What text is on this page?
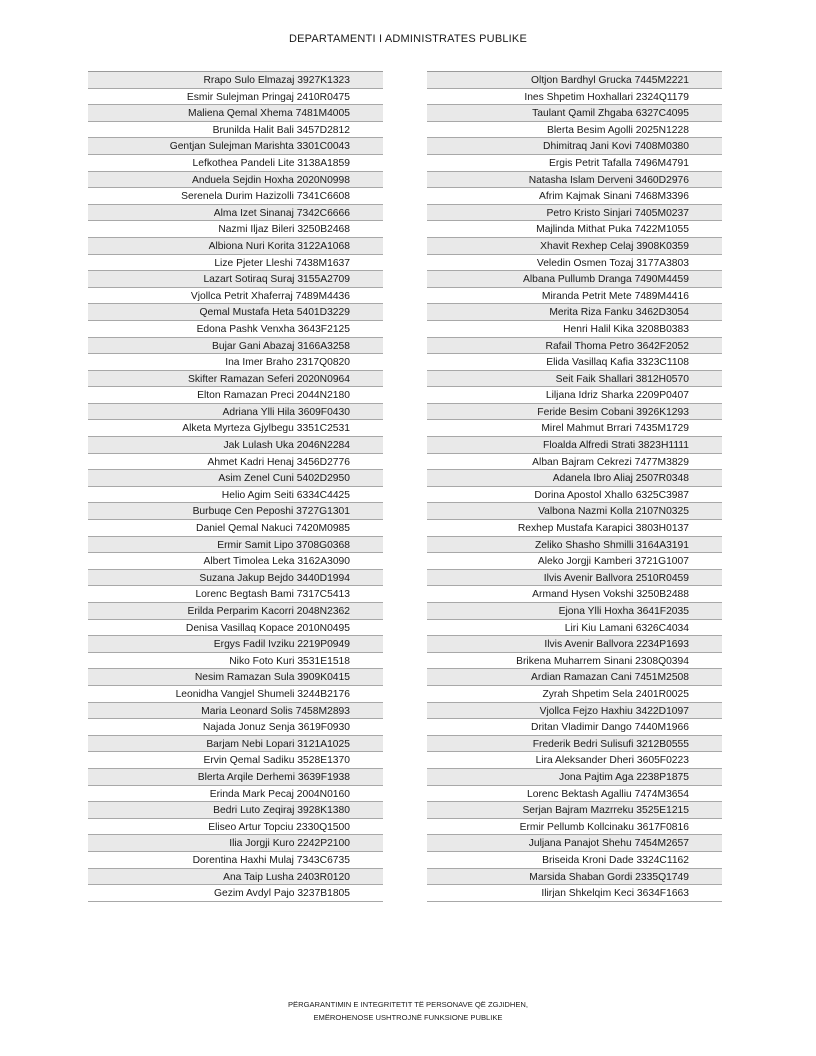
DEPARTAMENTI I ADMINISTRATES PUBLIKE
Rrapo Sulo Elmazaj 3927K1323
Esmir Sulejman Pringaj 2410R0475
Maliena Qemal Xhema 7481M4005
Brunilda Halit Bali 3457D2812
Gentjan Sulejman Marishta 3301C0043
Lefkothea Pandeli Lite 3138A1859
Anduela Sejdin Hoxha 2020N0998
Serenela Durim Hazizolli 7341C6608
Alma Izet Sinanaj 7342C6666
Nazmi Iljaz Bileri 3250B2468
Albiona Nuri Korita 3122A1068
Lize Pjeter Lleshi 7438M1637
Lazart Sotiraq Suraj 3155A2709
Vjollca Petrit Xhaferraj 7489M4436
Qemal Mustafa Heta 5401D3229
Edona Pashk Venxha 3643F2125
Bujar Gani Abazaj 3166A3258
Ina Imer Braho 2317Q0820
Skifter Ramazan Seferi 2020N0964
Elton Ramazan Preci 2044N2180
Adriana Ylli Hila 3609F0430
Alketa Myrteza Gjylbegu 3351C2531
Jak Lulash Uka 2046N2284
Ahmet Kadri Henaj 3456D2776
Asim Zenel Cuni 5402D2950
Helio Agim Seiti 6334C4425
Burbuqe Cen Peposhi 3727G1301
Daniel Qemal Nakuci 7420M0985
Ermir Samit Lipo 3708G0368
Albert Timolea Leka 3162A3090
Suzana Jakup Bejdo 3440D1994
Lorenc Begtash Bami 7317C5413
Erilda Perparim Kacorri 2048N2362
Denisa Vasillaq Kopace 2010N0495
Ergys Fadil Ivziku 2219P0949
Niko Foto Kuri 3531E1518
Nesim Ramazan Sula 3909K0415
Leonidha Vangjel Shumeli 3244B2176
Maria Leonard Solis 7458M2893
Najada Jonuz Senja 3619F0930
Barjam Nebi Lopari 3121A1025
Ervin Qemal Sadiku 3528E1370
Blerta Arqile Derhemi 3639F1938
Erinda Mark Pecaj 2004N0160
Bedri Luto Zeqiraj 3928K1380
Eliseo Artur Topciu 2330Q1500
Ilia Jorgji Kuro 2242P2100
Dorentina Haxhi Mulaj 7343C6735
Ana Taip Lusha 2403R0120
Gezim Avdyl Pajo 3237B1805
Oltjon Bardhyl Grucka 7445M2221
Ines Shpetim Hoxhallari 2324Q1179
Taulant Qamil Zhgaba 6327C4095
Blerta Besim Agolli 2025N1228
Dhimitraq Jani Kovi 7408M0380
Ergis Petrit Tafalla 7496M4791
Natasha Islam Derveni 3460D2976
Afrim Kajmak Sinani 7468M3396
Petro Kristo Sinjari 7405M0237
Majlinda Mithat Puka 7422M1055
Xhavit Rexhep Celaj 3908K0359
Veledin Osmen Tozaj 3177A3803
Albana Pullumb Dranga 7490M4459
Miranda Petrit Mete 7489M4416
Merita Riza Fanku 3462D3054
Henri Halil Kika 3208B0383
Rafail Thoma Petro 3642F2052
Elida Vasillaq Kafia 3323C1108
Seit Faik Shallari 3812H0570
Liljana Idriz Sharka 2209P0407
Feride Besim Cobani 3926K1293
Mirel Mahmut Brrari 7435M1729
Floalda Alfredi Strati 3823H1111
Alban Bajram Cekrezi 7477M3829
Adanela Ibro Aliaj 2507R0348
Dorina Apostol Xhallo 6325C3987
Valbona Nazmi Kolla 2107N0325
Rexhep Mustafa Karapici 3803H0137
Zeliko Shasho Shmilli 3164A3191
Aleko Jorgji Kamberi 3721G1007
Ilvis Avenir Ballvora 2510R0459
Armand Hysen Vokshi 3250B2488
Ejona Ylli Hoxha 3641F2035
Liri Kiu Lamani 6326C4034
Ilvis Avenir Ballvora 2234P1693
Brikena Muharrem Sinani 2308Q0394
Ardian Ramazan Cani 7451M2508
Zyrah Shpetim Sela 2401R0025
Vjollca Fejzo Haxhiu 3422D1097
Dritan Vladimir Dango 7440M1966
Frederik Bedri Sulisufi 3212B0555
Lira Aleksander Dheri 3605F0223
Jona Pajtim Aga 2238P1875
Lorenc Bektash Agalliu 7474M3654
Serjan Bajram Mazrreku 3525E1215
Ermir Pellumb Kollcinaku 3617F0816
Juljana Panajot Shehu 7454M2657
Briseida Kroni Dade 3324C1162
Marsida Shaban Gordi 2335Q1749
Ilirjan Shkelqim Keci 3634F1663
PËRGARANTIMIN E INTEGRITETIT TË PERSONAVE QË ZGJIDHEN,
EMËROHENOSE USHTROJNË FUNKSIONE PUBLIKE
